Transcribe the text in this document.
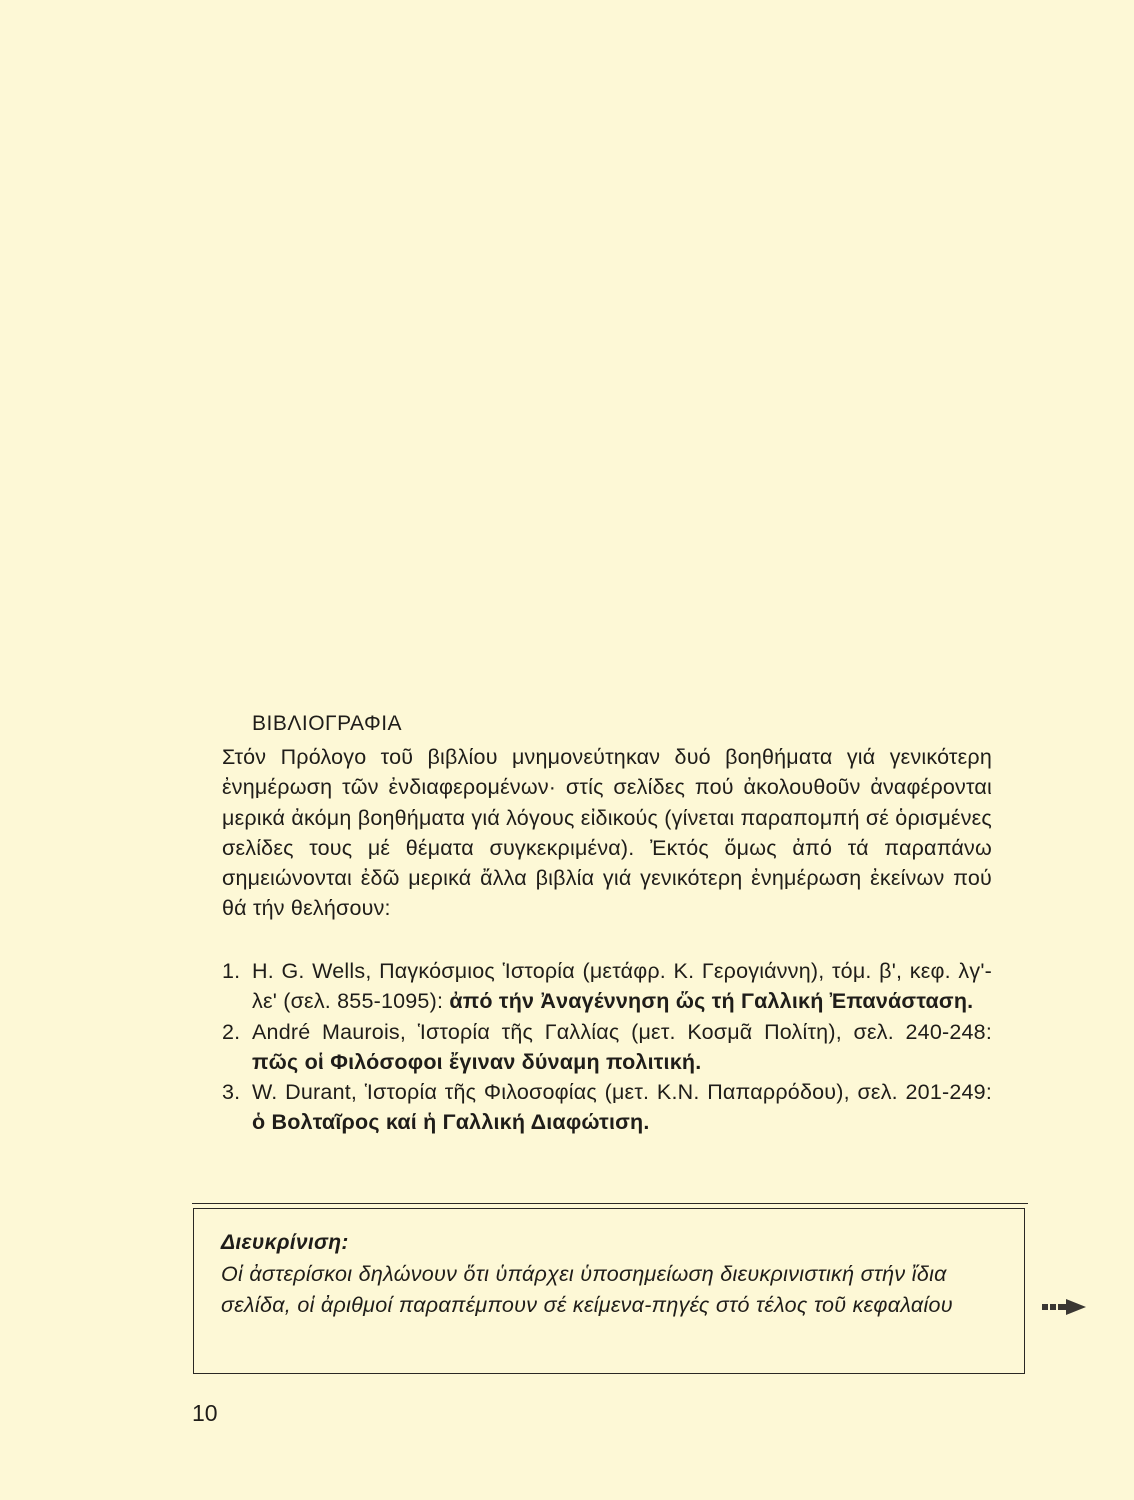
ΒΙΒΛΙΟΓΡΑΦΙΑ
Στόν Πρόλογο τοῦ βιβλίου μνημονεύτηκαν δυό βοηθήματα γιά γενικότερη ἐνημέρωση τῶν ἐνδιαφερομένων· στίς σελίδες πού ἀκολουθοῦν ἀναφέρονται μερικά ἀκόμη βοηθήματα γιά λόγους εἰδικούς (γίνεται παραπομπή σέ ὁρισμένες σελίδες τους μέ θέματα συγκεκριμένα). Ἐκτός ὅμως ἀπό τά παραπάνω σημειώνονται ἐδῶ μερικά ἄλλα βιβλία γιά γενικότερη ἐνημέρωση ἐκείνων πού θά τήν θελήσουν:
1. H. G. Wells, Παγκόσμιος Ἱστορία (μετάφρ. Κ. Γερογιάννη), τόμ. β', κεφ. λγ'-λε' (σελ. 855-1095): ἀπό τήν Ἀναγέννηση ὥς τή Γαλλική Ἐπανάσταση.
2. André Maurois, Ἱστορία τῆς Γαλλίας (μετ. Κοσμᾶ Πολίτη), σελ. 240-248: πῶς οἱ Φιλόσοφοι ἔγιναν δύναμη πολιτική.
3. W. Durant, Ἱστορία τῆς Φιλοσοφίας (μετ. Κ.Ν. Παπαρρόδου), σελ. 201-249: ὁ Βολταῖρος καί ἡ Γαλλική Διαφώτιση.
Διευκρίνιση:
Οἱ ἀστερίσκοι δηλώνουν ὅτι ὑπάρχει ὑποσημείωση διευκρινιστική στήν ἴδια σελίδα, οἱ ἀριθμοί παραπέμπουν σέ κείμενα-πηγές στό τέλος τοῦ κεφαλαίου
10
